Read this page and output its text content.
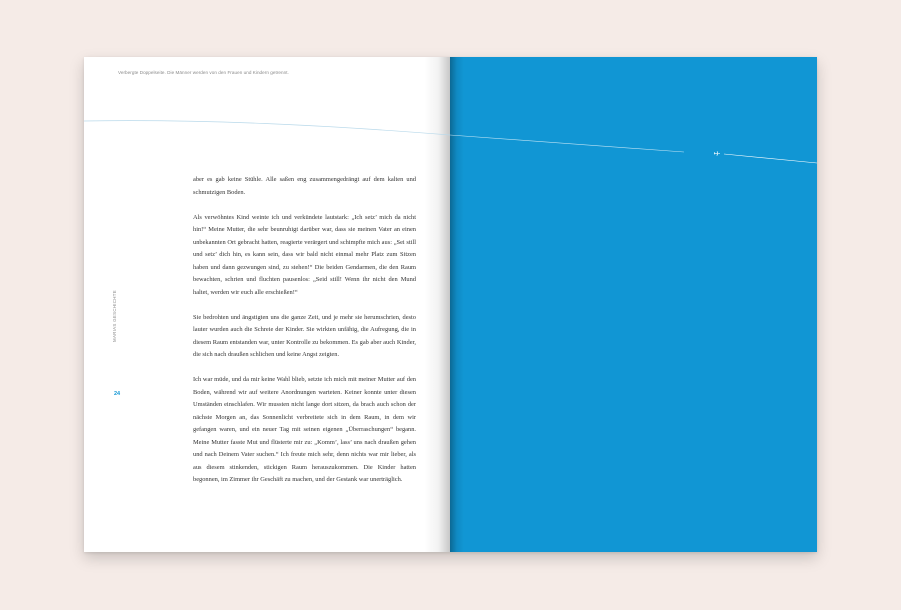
Verbergte Doppelseite. Die Männer werden von den Frauen und Kindern getrennt.

aber es gab keine Stühle. Alle saßen eng zusammengedrängt auf dem kalten und schmutzigen Boden.

Als verwöhntes Kind weinte ich und verkündete lautstark: „Ich setz’ mich da nicht hin!“ Meine Mutter, die sehr beunruhigt darüber war, dass sie meinen Vater an einen unbekannten Ort gebracht hatten, reagierte verärgert und schimpfte mich aus: „Sei still und setz’ dich hin, es kann sein, dass wir bald nicht einmal mehr Platz zum Sitzen haben und dann gezwungen sind, zu stehen!“ Die beiden Gendarmen, die den Raum bewachten, schrien und fluchten pausenlos: „Seid still! Wenn ihr nicht den Mund haltet, werden wir euch alle erschießen!“

Sie bedrohten und ängstigten uns die ganze Zeit, und je mehr sie herumschrien, desto lauter wurden auch die Schreie der Kinder. Sie wirkten unfähig, die Aufregung, die in diesem Raum entstanden war, unter Kontrolle zu bekommen. Es gab aber auch Kinder, die sich nach draußen schlichen und keine Angst zeigten.

Ich war müde, und da mir keine Wahl blieb, setzte ich mich mit meiner Mutter auf den Boden, während wir auf weitere Anordnungen warteten. Keiner konnte unter diesen Umständen einschlafen. Wir mussten nicht lange dort sitzen, da brach auch schon der nächste Morgen an, das Sonnenlicht verbreitete sich in dem Raum, in dem wir gefangen waren, und ein neuer Tag mit seinen eigenen „Überraschungen“ begann. Meine Mutter fasste Mut und flüsterte mir zu: „Komm’, lass’ uns nach draußen gehen und nach Deinem Vater suchen.“ Ich freute mich sehr, denn nichts war mir lieber, als aus diesem stinkenden, stickigen Raum herauszukommen. Die Kinder hatten begonnen, im Zimmer ihr Geschäft zu machen, und der Gestank war unerträglich.

MARIAS GESCHICHTE
24
